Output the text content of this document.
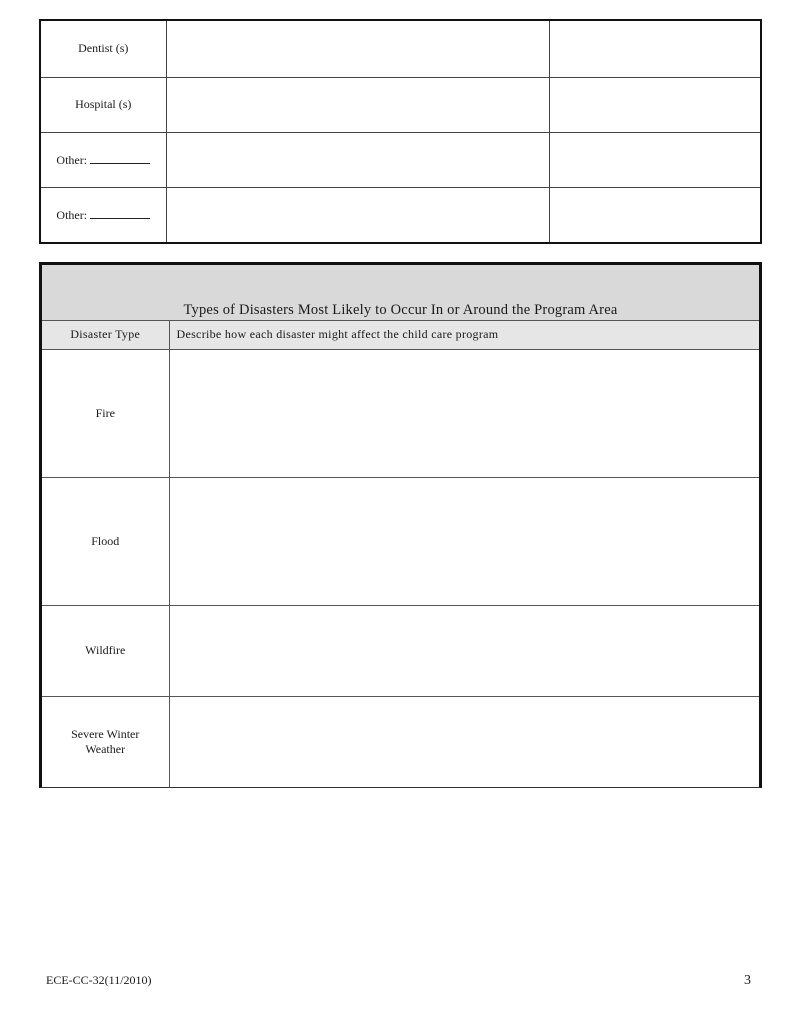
Dentist (s)		
Hospital (s)		
Other:		
Other:		
Types of Disasters Most Likely to Occur In or Around the Program Area	
Disaster Type	Describe how each disaster might affect the child care program

Fire	

Flood	

Wildfire	

Severe Winter
Weather	

ECE-CC-32(11/2010)	3
